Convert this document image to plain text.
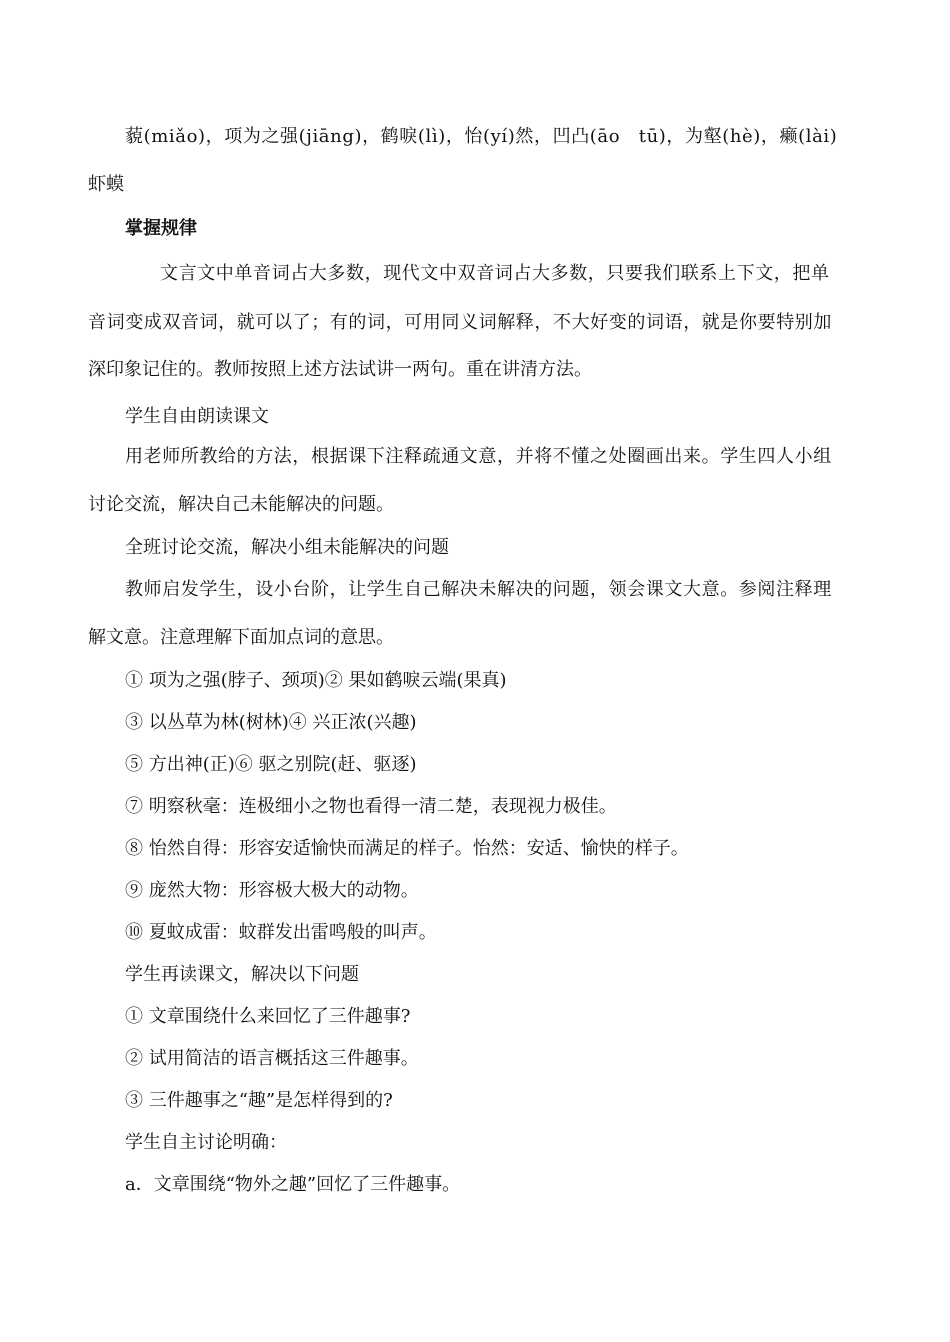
藐(miǎo)，项为之强(jiāng)，鹤唳(lì)，怡(yí)然，凹凸(āo　tū)，为壑(hè)，癞(lài)
虾蟆
掌握规律
文言文中单音词占大多数，现代文中双音词占大多数，只要我们联系上下文，把单
音词变成双音词，就可以了；有的词，可用同义词解释，不大好变的词语，就是你要特别加
深印象记住的。教师按照上述方法试讲一两句。重在讲清方法。
学生自由朗读课文
用老师所教给的方法，根据课下注释疏通文意，并将不懂之处圈画出来。学生四人小组
讨论交流，解决自己未能解决的问题。
全班讨论交流，解决小组未能解决的问题
教师启发学生，设小台阶，让学生自己解决未解决的问题，领会课文大意。参阅注释理
解文意。注意理解下面加点词的意思。
① 项为之强(脖子、颈项)② 果如鹤唳云端(果真)
③ 以丛草为林(树林)④ 兴正浓(兴趣)
⑤ 方出神(正)⑥ 驱之别院(赶、驱逐)
⑦ 明察秋毫：连极细小之物也看得一清二楚，表现视力极佳。
⑧ 怡然自得：形容安适愉快而满足的样子。怡然：安适、愉快的样子。
⑨ 庞然大物：形容极大极大的动物。
⑩ 夏蚊成雷：蚊群发出雷鸣般的叫声。
学生再读课文，解决以下问题
① 文章围绕什么来回忆了三件趣事?
② 试用简洁的语言概括这三件趣事。
③ 三件趣事之“趣”是怎样得到的?
学生自主讨论明确：
a．文章围绕“物外之趣”回忆了三件趣事。
